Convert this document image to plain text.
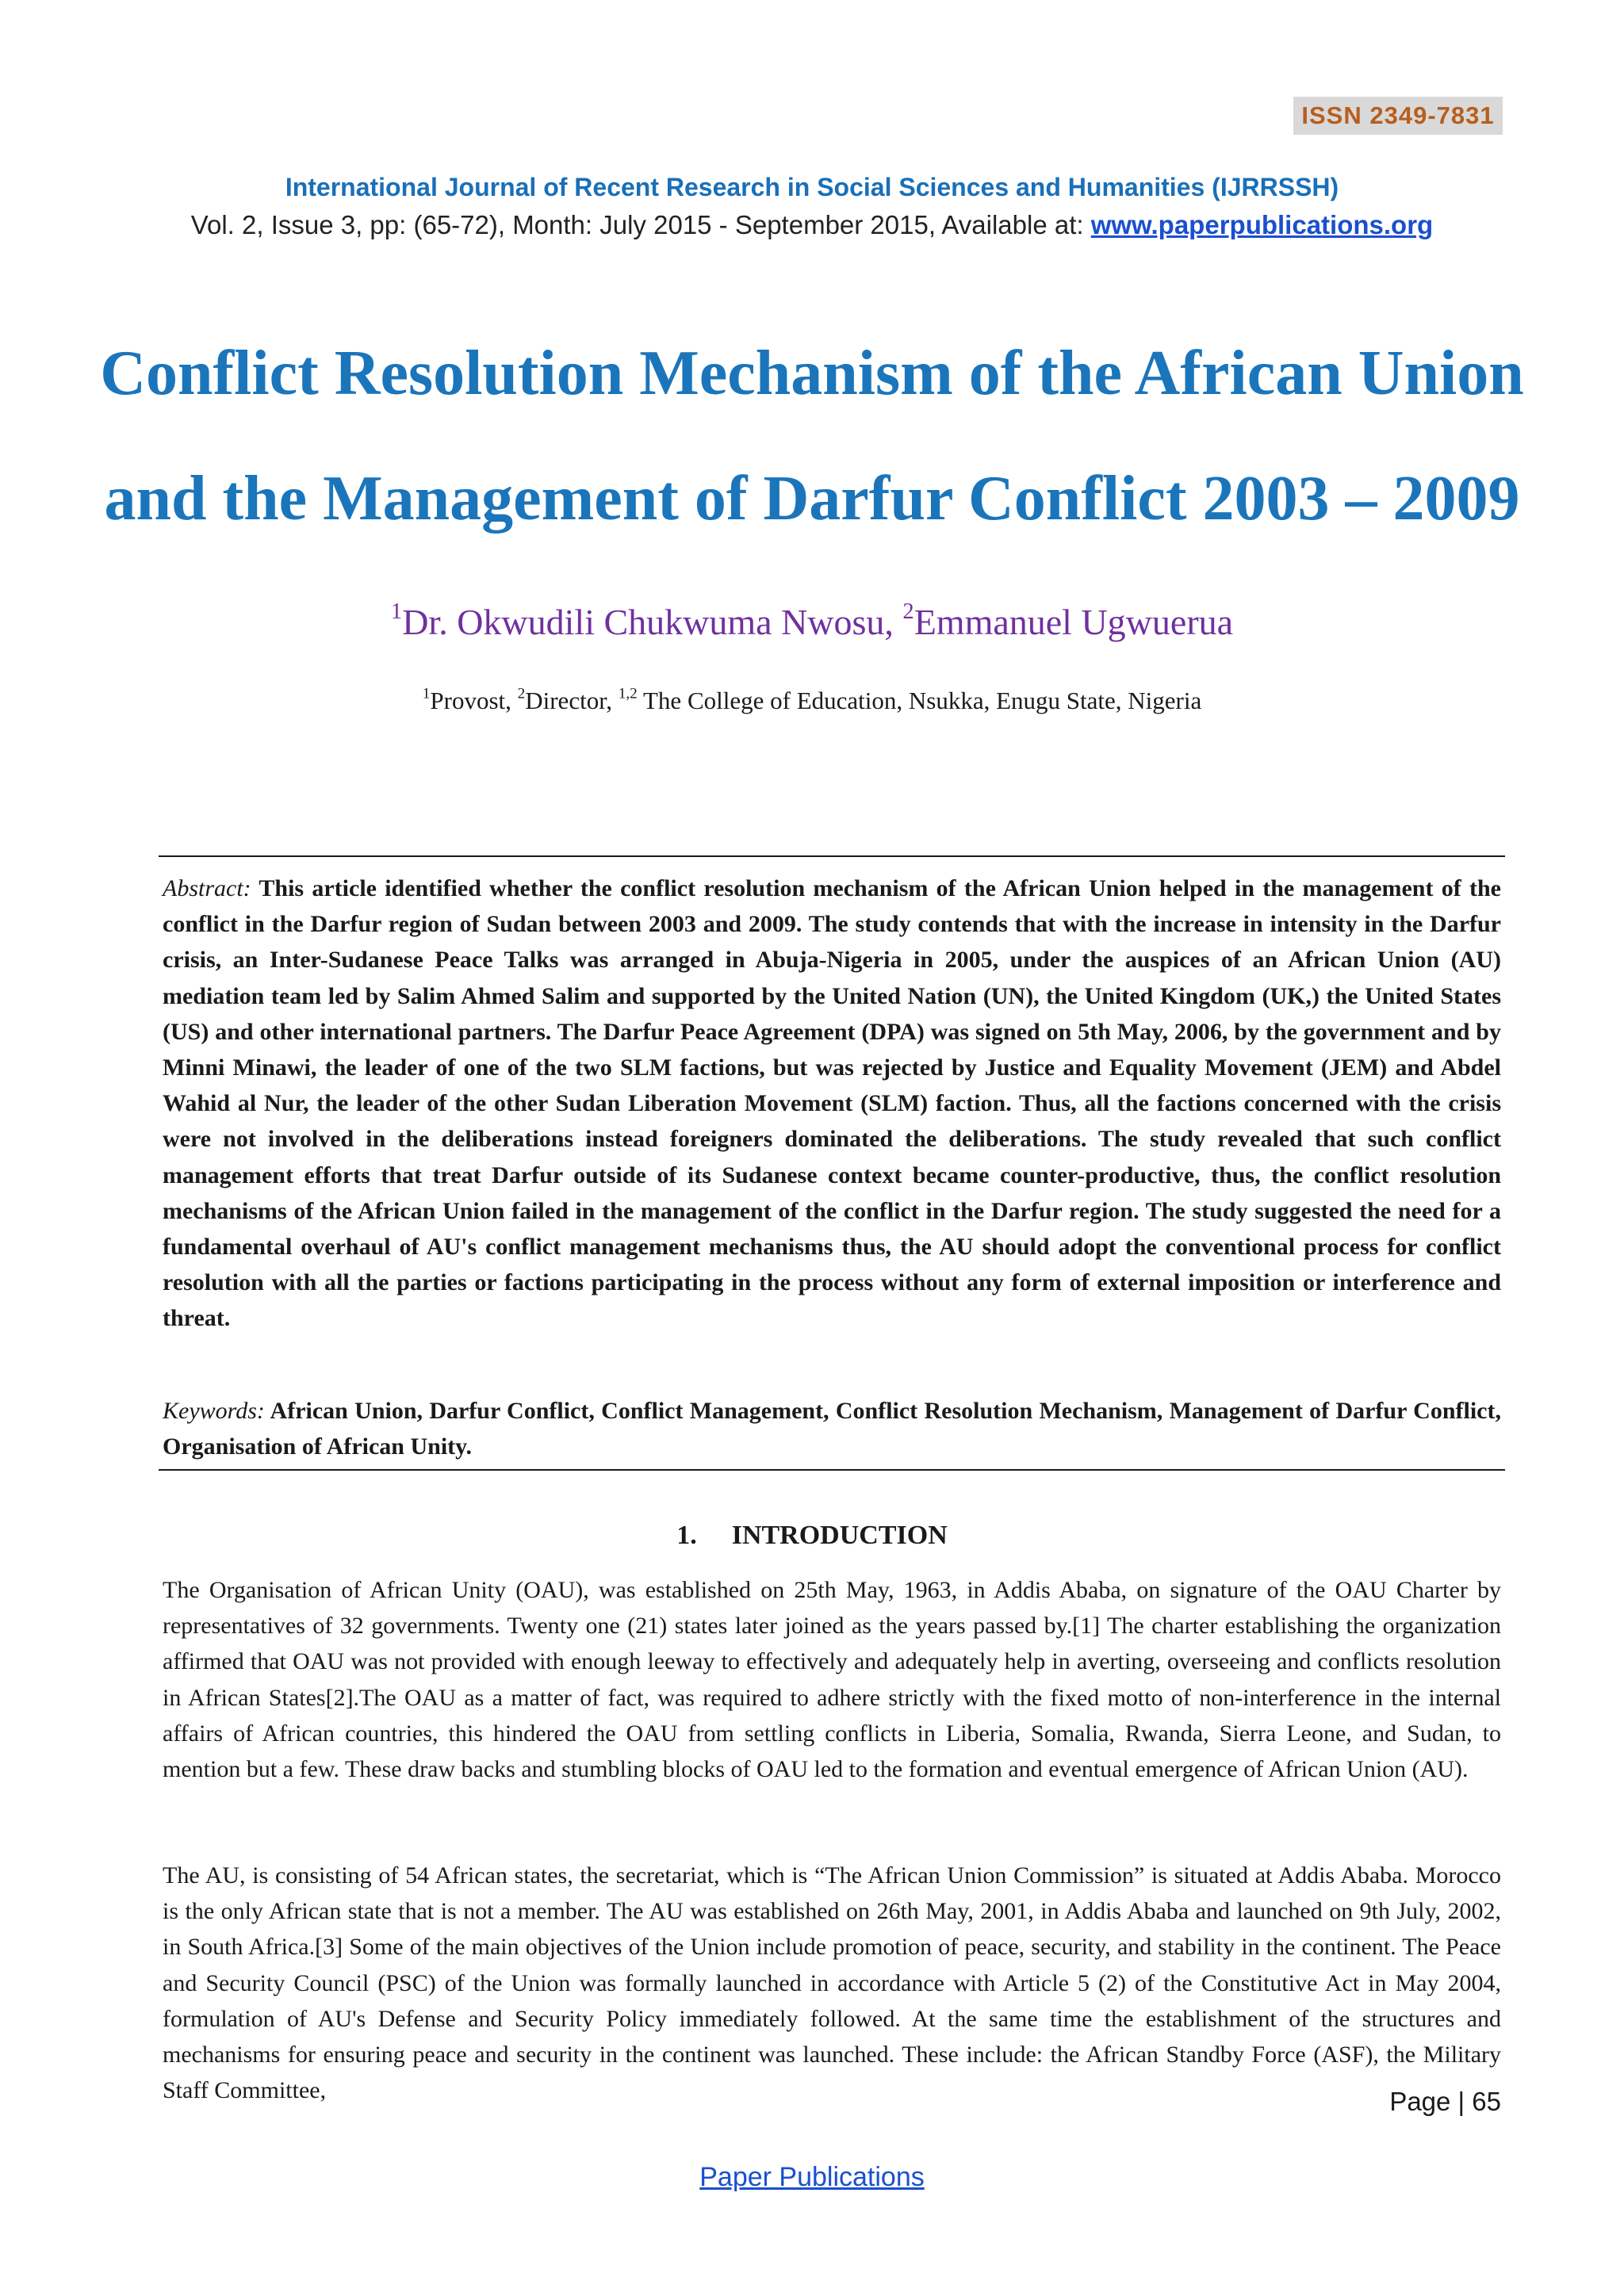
ISSN 2349-7831
International Journal of Recent Research in Social Sciences and Humanities (IJRRSSH)
Vol. 2, Issue 3, pp: (65-72), Month: July 2015 - September 2015, Available at: www.paperpublications.org
Conflict Resolution Mechanism of the African Union and the Management of Darfur Conflict 2003 – 2009
$^1$Dr. Okwudili Chukwuma Nwosu, $^2$Emmanuel Ugwuerua
$^1$Provost, $^2$Director, $^{1,2}$ The College of Education, Nsukka, Enugu State, Nigeria
Abstract: This article identified whether the conflict resolution mechanism of the African Union helped in the management of the conflict in the Darfur region of Sudan between 2003 and 2009. The study contends that with the increase in intensity in the Darfur crisis, an Inter-Sudanese Peace Talks was arranged in Abuja-Nigeria in 2005, under the auspices of an African Union (AU) mediation team led by Salim Ahmed Salim and supported by the United Nation (UN), the United Kingdom (UK,) the United States (US) and other international partners. The Darfur Peace Agreement (DPA) was signed on 5th May, 2006, by the government and by Minni Minawi, the leader of one of the two SLM factions, but was rejected by Justice and Equality Movement (JEM) and Abdel Wahid al Nur, the leader of the other Sudan Liberation Movement (SLM) faction. Thus, all the factions concerned with the crisis were not involved in the deliberations instead foreigners dominated the deliberations. The study revealed that such conflict management efforts that treat Darfur outside of its Sudanese context became counter-productive, thus, the conflict resolution mechanisms of the African Union failed in the management of the conflict in the Darfur region. The study suggested the need for a fundamental overhaul of AU's conflict management mechanisms thus, the AU should adopt the conventional process for conflict resolution with all the parties or factions participating in the process without any form of external imposition or interference and threat.
Keywords: African Union, Darfur Conflict, Conflict Management, Conflict Resolution Mechanism, Management of Darfur Conflict, Organisation of African Unity.
1. INTRODUCTION

The Organisation of African Unity (OAU), was established on 25th May, 1963, in Addis Ababa, on signature of the OAU Charter by representatives of 32 governments. Twenty one (21) states later joined as the years passed by.[1] The charter establishing the organization affirmed that OAU was not provided with enough leeway to effectively and adequately help in averting, overseeing and conflicts resolution in African States[2].The OAU as a matter of fact, was required to adhere strictly with the fixed motto of non-interference in the internal affairs of African countries, this hindered the OAU from settling conflicts in Liberia, Somalia, Rwanda, Sierra Leone, and Sudan, to mention but a few. These draw backs and stumbling blocks of OAU led to the formation and eventual emergence of African Union (AU).

The AU, is consisting of 54 African states, the secretariat, which is “The African Union Commission” is situated at Addis Ababa. Morocco is the only African state that is not a member. The AU was established on 26th May, 2001, in Addis Ababa and launched on 9th July, 2002, in South Africa.[3] Some of the main objectives of the Union include promotion of peace, security, and stability in the continent. The Peace and Security Council (PSC) of the Union was formally launched in accordance with Article 5 (2) of the Constitutive Act in May 2004, formulation of AU's Defense and Security Policy immediately followed. At the same time the establishment of the structures and mechanisms for ensuring peace and security in the continent was launched. These include: the African Standby Force (ASF), the Military Staff Committee,	Page | 65
Paper Publications
